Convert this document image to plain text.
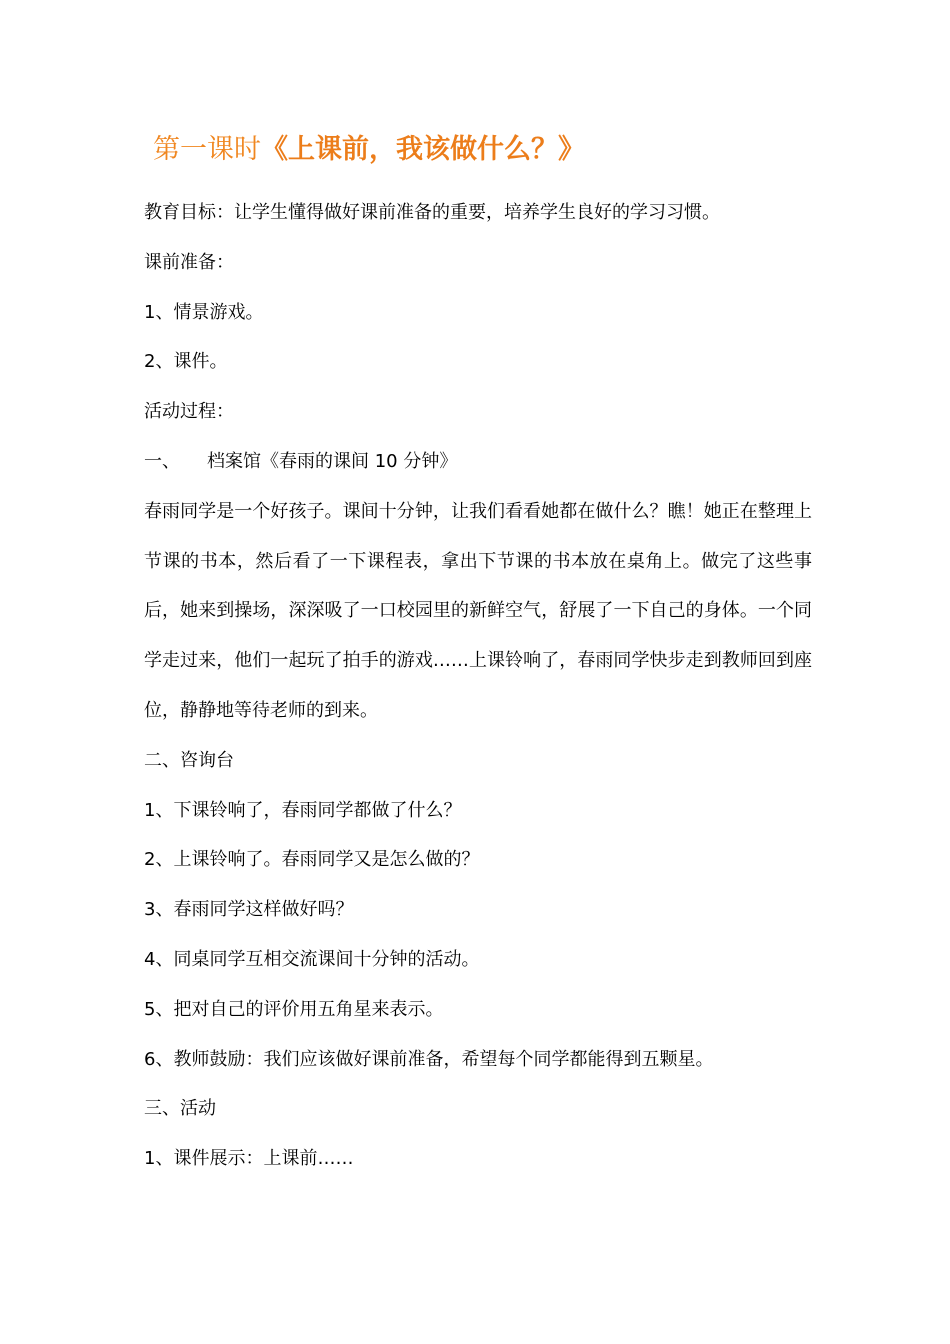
第一课时《上课前，我该做什么？》
教育目标：让学生懂得做好课前准备的重要，培养学生良好的学习习惯。
课前准备：
1、情景游戏。
2、课件。
活动过程：
一、 档案馆《春雨的课间 10 分钟》
春雨同学是一个好孩子。课间十分钟，让我们看看她都在做什么？瞧！她正在整理上节课的书本，然后看了一下课程表，拿出下节课的书本放在桌角上。做完了这些事后，她来到操场，深深吸了一口校园里的新鲜空气，舒展了一下自己的身体。一个同学走过来，他们一起玩了拍手的游戏……上课铃响了，春雨同学快步走到教师回到座位，静静地等待老师的到来。
二、咨询台
1、下课铃响了，春雨同学都做了什么？
2、上课铃响了。春雨同学又是怎么做的？
3、春雨同学这样做好吗？
4、同桌同学互相交流课间十分钟的活动。
5、把对自己的评价用五角星来表示。
6、教师鼓励：我们应该做好课前准备，希望每个同学都能得到五颗星。
三、活动
1、课件展示：上课前……
